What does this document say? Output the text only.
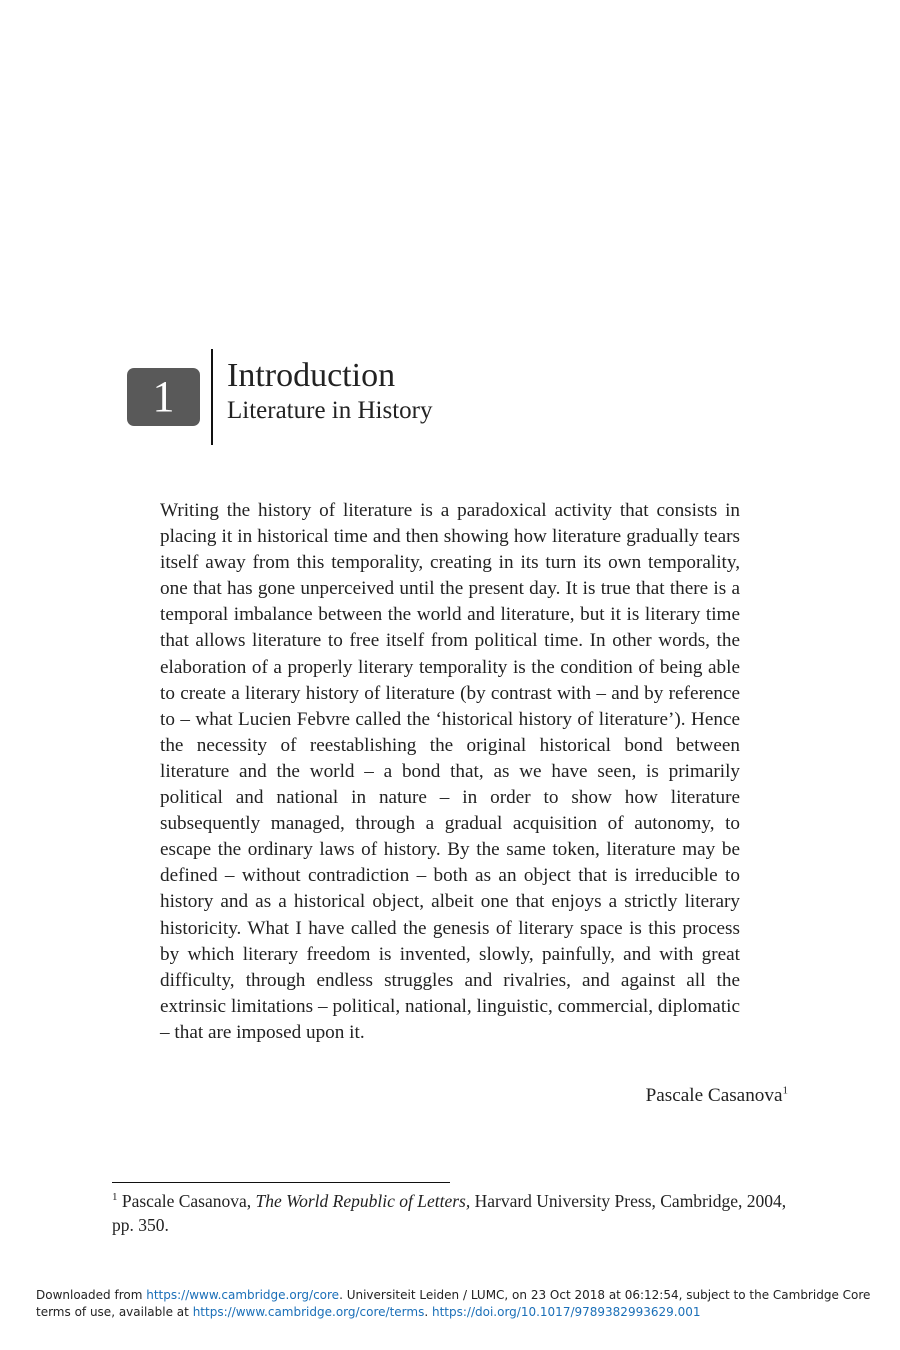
1	Introduction
Literature in History

Writing the history of literature is a paradoxical activity that consists in placing it in historical time and then showing how literature gradually tears itself away from this temporality, creating in its turn its own temporality, one that has gone unperceived until the present day. It is true that there is a temporal imbalance between the world and literature, but it is literary time that allows literature to free itself from political time. In other words, the elaboration of a properly literary temporality is the condition of being able to create a literary history of literature (by contrast with – and by reference to – what Lucien Febvre called the ‘historical history of literature’). Hence the necessity of reestablishing the original historical bond between literature and the world – a bond that, as we have seen, is primarily political and national in nature – in order to show how literature subsequently managed, through a gradual acquisition of autonomy, to escape the ordinary laws of history. By the same token, literature may be defined – without contradiction – both as an object that is irreducible to history and as a historical object, albeit one that enjoys a strictly literary historicity. What I have called the genesis of literary space is this process by which literary freedom is invented, slowly, painfully, and with great difficulty, through endless struggles and rivalries, and against all the extrinsic limitations – political, national, linguistic, commercial, diplomatic – that are imposed upon it.

Pascale Casanova$^1$

$^1$ Pascale Casanova, The World Republic of Letters, Harvard University Press, Cambridge, 2004, pp. 350.

Downloaded from https://www.cambridge.org/core. Universiteit Leiden / LUMC, on 23 Oct 2018 at 06:12:54, subject to the Cambridge Core terms of use, available at https://www.cambridge.org/core/terms. https://doi.org/10.1017/9789382993629.001
